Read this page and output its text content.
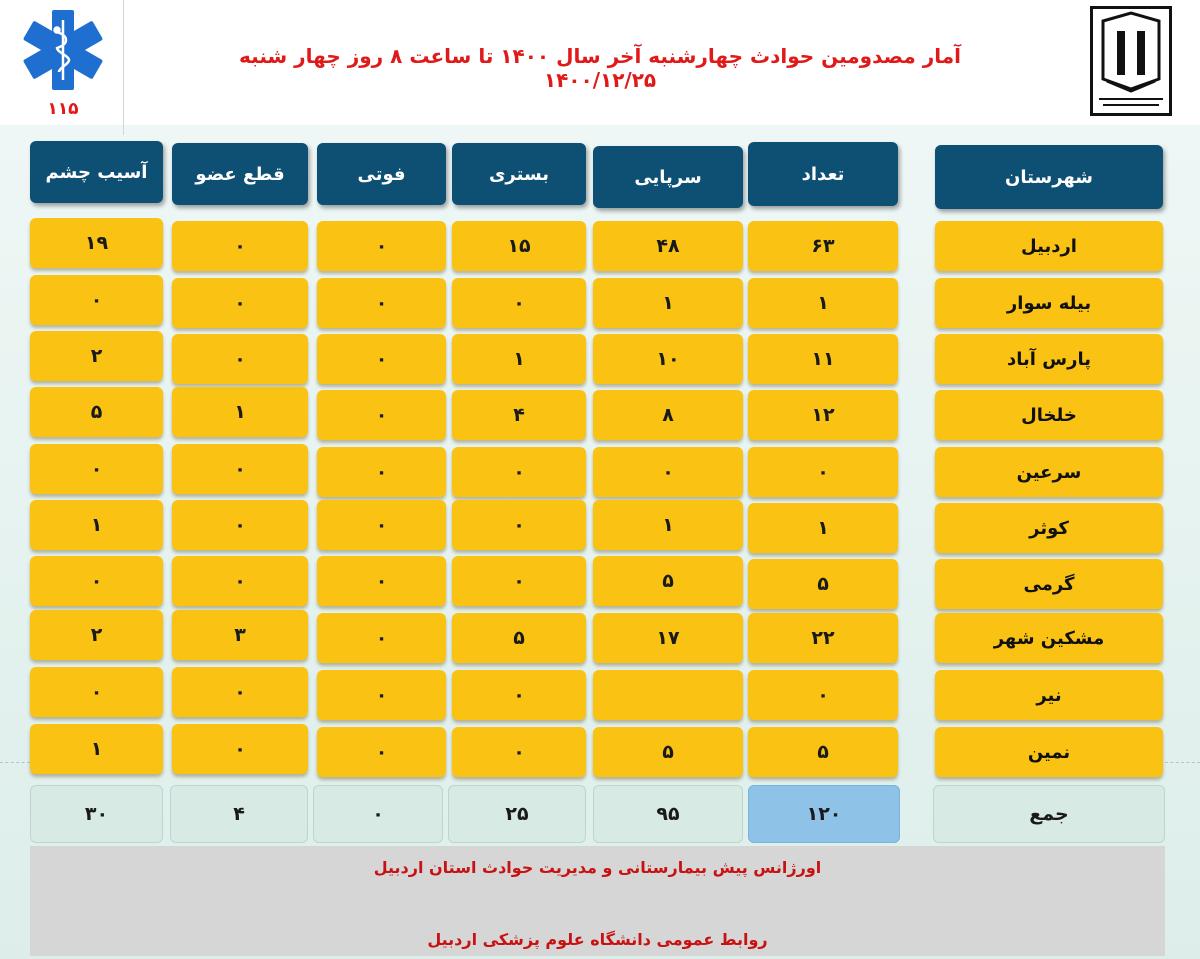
۱۱۵
آمار مصدومین حوادث چهارشنبه آخر سال ۱۴۰۰ تا ساعت ۸ روز چهار شنبه ۱۴۰۰/۱۲/۲۵
شهرستان
تعداد
سرپایی
بستری
فوتی
قطع عضو
آسیب چشم
اردبیل
۶۳
۴۸
۱۵
۰
۰
۱۹
بیله سوار
۱
۱
۰
۰
۰
۰
پارس آباد
۱۱
۱۰
۱
۰
۰
۲
خلخال
۱۲
۸
۴
۰
۱
۵
سرعین
۰
۰
۰
۰
۰
۰
کوثر
۱
۱
۰
۰
۰
۱
گرمی
۵
۵
۰
۰
۰
۰
مشکین شهر
۲۲
۱۷
۵
۰
۳
۲
نیر
۰
۰
۰
۰
۰
نمین
۵
۵
۰
۰
۰
۱
جمع
۱۲۰
۹۵
۲۵
۰
۴
۳۰
اورژانس پیش بیمارستانی و مدیریت حوادث استان اردبیل
روابط عمومی دانشگاه علوم پزشکی اردبیل
